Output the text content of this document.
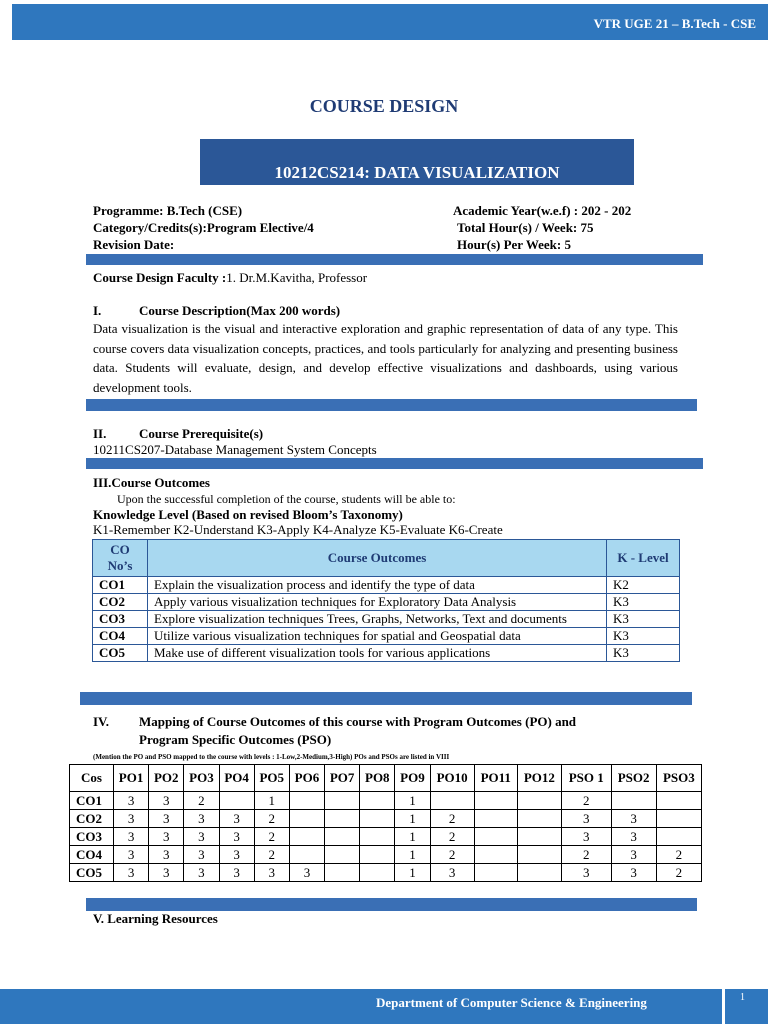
VTR UGE 21 – B.Tech - CSE
COURSE DESIGN
10212CS214: DATA VISUALIZATION
Programme: B.Tech (CSE)	Academic Year(w.e.f) : 202 - 202
Category/Credits(s):Program Elective/4	Total Hour(s) / Week: 75
Revision Date:	Hour(s) Per Week: 5
Course Design Faculty :1. Dr.M.Kavitha, Professor
I.	Course Description(Max 200 words)
Data visualization is the visual and interactive exploration and graphic representation of data of any type. This course covers data visualization concepts, practices, and tools particularly for analyzing and presenting business data. Students will evaluate, design, and develop effective visualizations and dashboards, using various development tools.
II.	Course Prerequisite(s)
10211CS207-Database Management System Concepts
III.Course Outcomes
Upon the successful completion of the course, students will be able to:
Knowledge Level (Based on revised Bloom’s Taxonomy)
K1-Remember K2-Understand K3-Apply K4-Analyze K5-Evaluate K6-Create
CO No’s	Course Outcomes	K - Level
CO1	Explain the visualization process and identify the type of data	K2
CO2	Apply various visualization techniques for Exploratory Data Analysis	K3
CO3	Explore visualization techniques Trees, Graphs, Networks, Text and documents	K3
CO4	Utilize various visualization techniques for spatial and Geospatial data	K3
CO5	Make use of different visualization tools for various applications	K3
IV. Mapping of Course Outcomes of this course with Program Outcomes (PO) and
Program Specific Outcomes (PSO)
(Mention the PO and PSO mapped to the course with levels : 1-Low,2-Medium,3-High) POs and PSOs are listed in VIII
Cos	PO1	PO2	PO3	PO4	PO5	PO6	PO7	PO8	PO9	PO10	PO11	PO12	PSO 1	PSO2	PSO3
CO1	3	3	2		1				1				2		
CO2	3	3	3	3	2				1	2			3	3	
CO3	3	3	3	3	2				1	2			3	3	
CO4	3	3	3	3	2				1	2			2	3	2
CO5	3	3	3	3	3	3			1	3			3	3	2
V. Learning Resources
Department of Computer Science & Engineering	1
